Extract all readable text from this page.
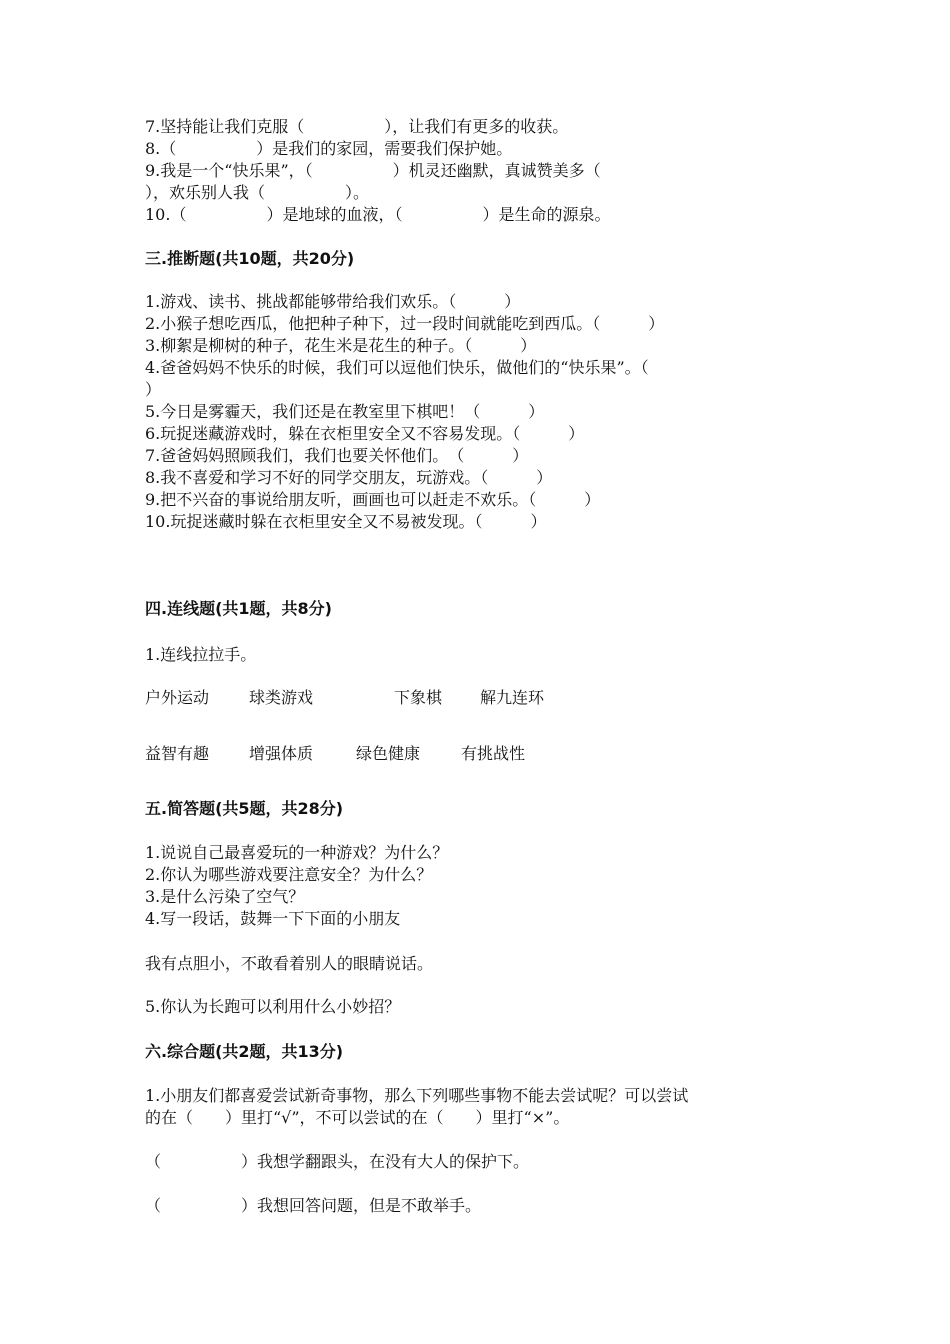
7.坚持能让我们克服（　　　　　），让我们有更多的收获。

8.（　　　　　）是我们的家园，需要我们保护她。

9.我是一个“快乐果”，（　　　　　）机灵还幽默，真诚赞美多（

），欢乐别人我（　　　　　）。

10.（　　　　　）是地球的血液，（　　　　　）是生命的源泉。

三.推断题(共10题，共20分)

1.游戏、读书、挑战都能够带给我们欢乐。（　　　）

2.小猴子想吃西瓜，他把种子种下，过一段时间就能吃到西瓜。（　　　）

3.柳絮是柳树的种子，花生米是花生的种子。（　　　）

4.爸爸妈妈不快乐的时候，我们可以逗他们快乐，做他们的“快乐果”。（

）

5.今日是雾霾天，我们还是在教室里下棋吧！（　　　）

6.玩捉迷藏游戏时，躲在衣柜里安全又不容易发现。（　　　）

7.爸爸妈妈照顾我们，我们也要关怀他们。　（　　　）

8.我不喜爱和学习不好的同学交朋友，玩游戏。（　　　）

9.把不兴奋的事说给朋友听，画画也可以赶走不欢乐。（　　　）

10.玩捉迷藏时躲在衣柜里安全又不易被发现。（　　　）

四.连线题(共1题，共8分)

1.连线拉拉手。

户外运动 球类游戏	下象棋 解九连环
益智有趣 增强体质	绿色健康	有挑战性

五.简答题(共5题，共28分)

1.说说自己最喜爱玩的一种游戏？为什么？

2.你认为哪些游戏要注意安全？为什么？

3.是什么污染了空气？

4.写一段话，鼓舞一下下面的小朋友

我有点胆小，不敢看着别人的眼睛说话。

5.你认为长跑可以利用什么小妙招？

六.综合题(共2题，共13分)

1.小朋友们都喜爱尝试新奇事物，那么下列哪些事物不能去尝试呢？可以尝试

的在（　　）里打“√”，不可以尝试的在（　　）里打“×”。

（　　　　　）我想学翻跟头，在没有大人的保护下。

（　　　　　）我想回答问题，但是不敢举手。
